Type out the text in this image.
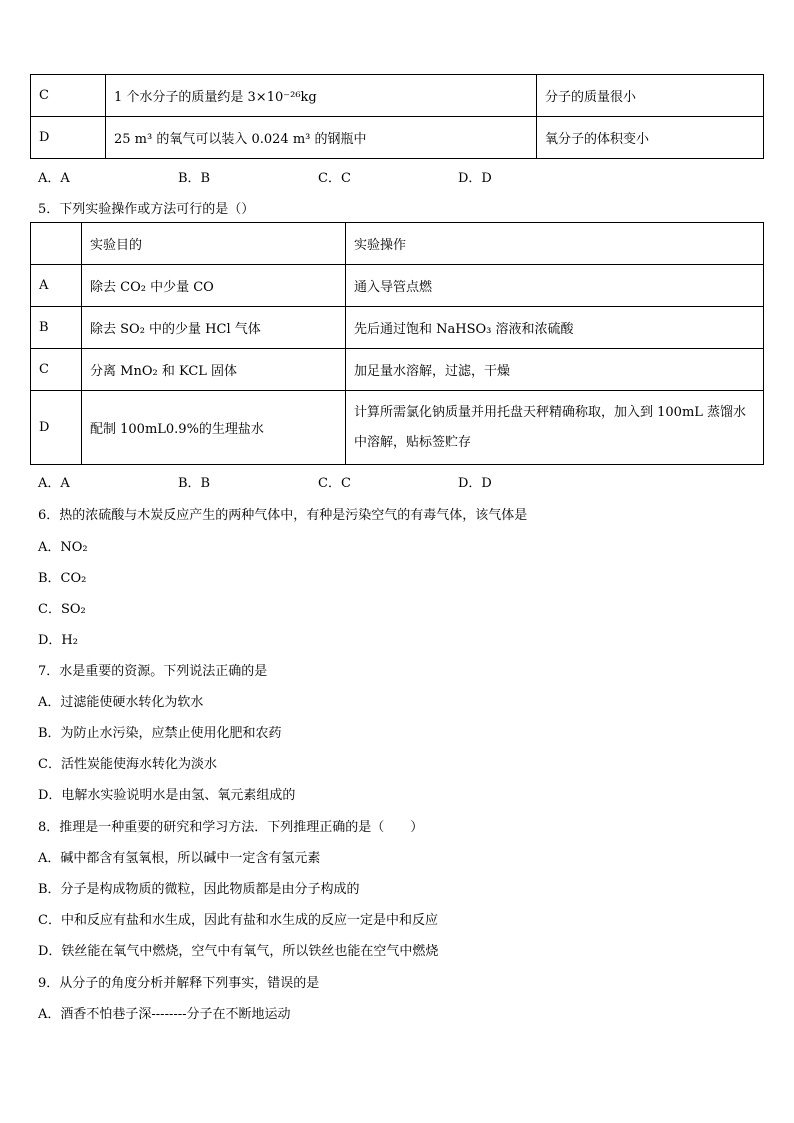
C	1 个水分子的质量约是 3×10⁻²⁶kg	分子的质量很小
D	25 m³ 的氧气可以装入 0.024 m³ 的钢瓶中	氧分子的体积变小
A．A	B．B	C．C	D．D
5．下列实验操作或方法可行的是（）
	实验目的	实验操作
A	除去 CO₂ 中少量 CO	通入导管点燃
B	除去 SO₂ 中的少量 HCl 气体	先后通过饱和 NaHSO₃ 溶液和浓硫酸
C	分离 MnO₂ 和 KCL 固体	加足量水溶解，过滤，干燥
D	配制 100mL0.9%的生理盐水	计算所需氯化钠质量并用托盘天秤精确称取，加入到 100mL 蒸馏水中溶解，贴标签贮存
A．A	B．B	C．C	D．D
6．热的浓硫酸与木炭反应产生的两种气体中，有种是污染空气的有毒气体，该气体是
A．NO₂
B．CO₂
C．SO₂
D．H₂
7．水是重要的资源。下列说法正确的是
A．过滤能使硬水转化为软水
B．为防止水污染，应禁止使用化肥和农药
C．活性炭能使海水转化为淡水
D．电解水实验说明水是由氢、氧元素组成的
8．推理是一种重要的研究和学习方法．下列推理正确的是（　　）
A．碱中都含有氢氧根，所以碱中一定含有氢元素
B．分子是构成物质的微粒，因此物质都是由分子构成的
C．中和反应有盐和水生成，因此有盐和水生成的反应一定是中和反应
D．铁丝能在氧气中燃烧，空气中有氧气，所以铁丝也能在空气中燃烧
9．从分子的角度分析并解释下列事实，错误的是
A．酒香不怕巷子深--------分子在不断地运动
